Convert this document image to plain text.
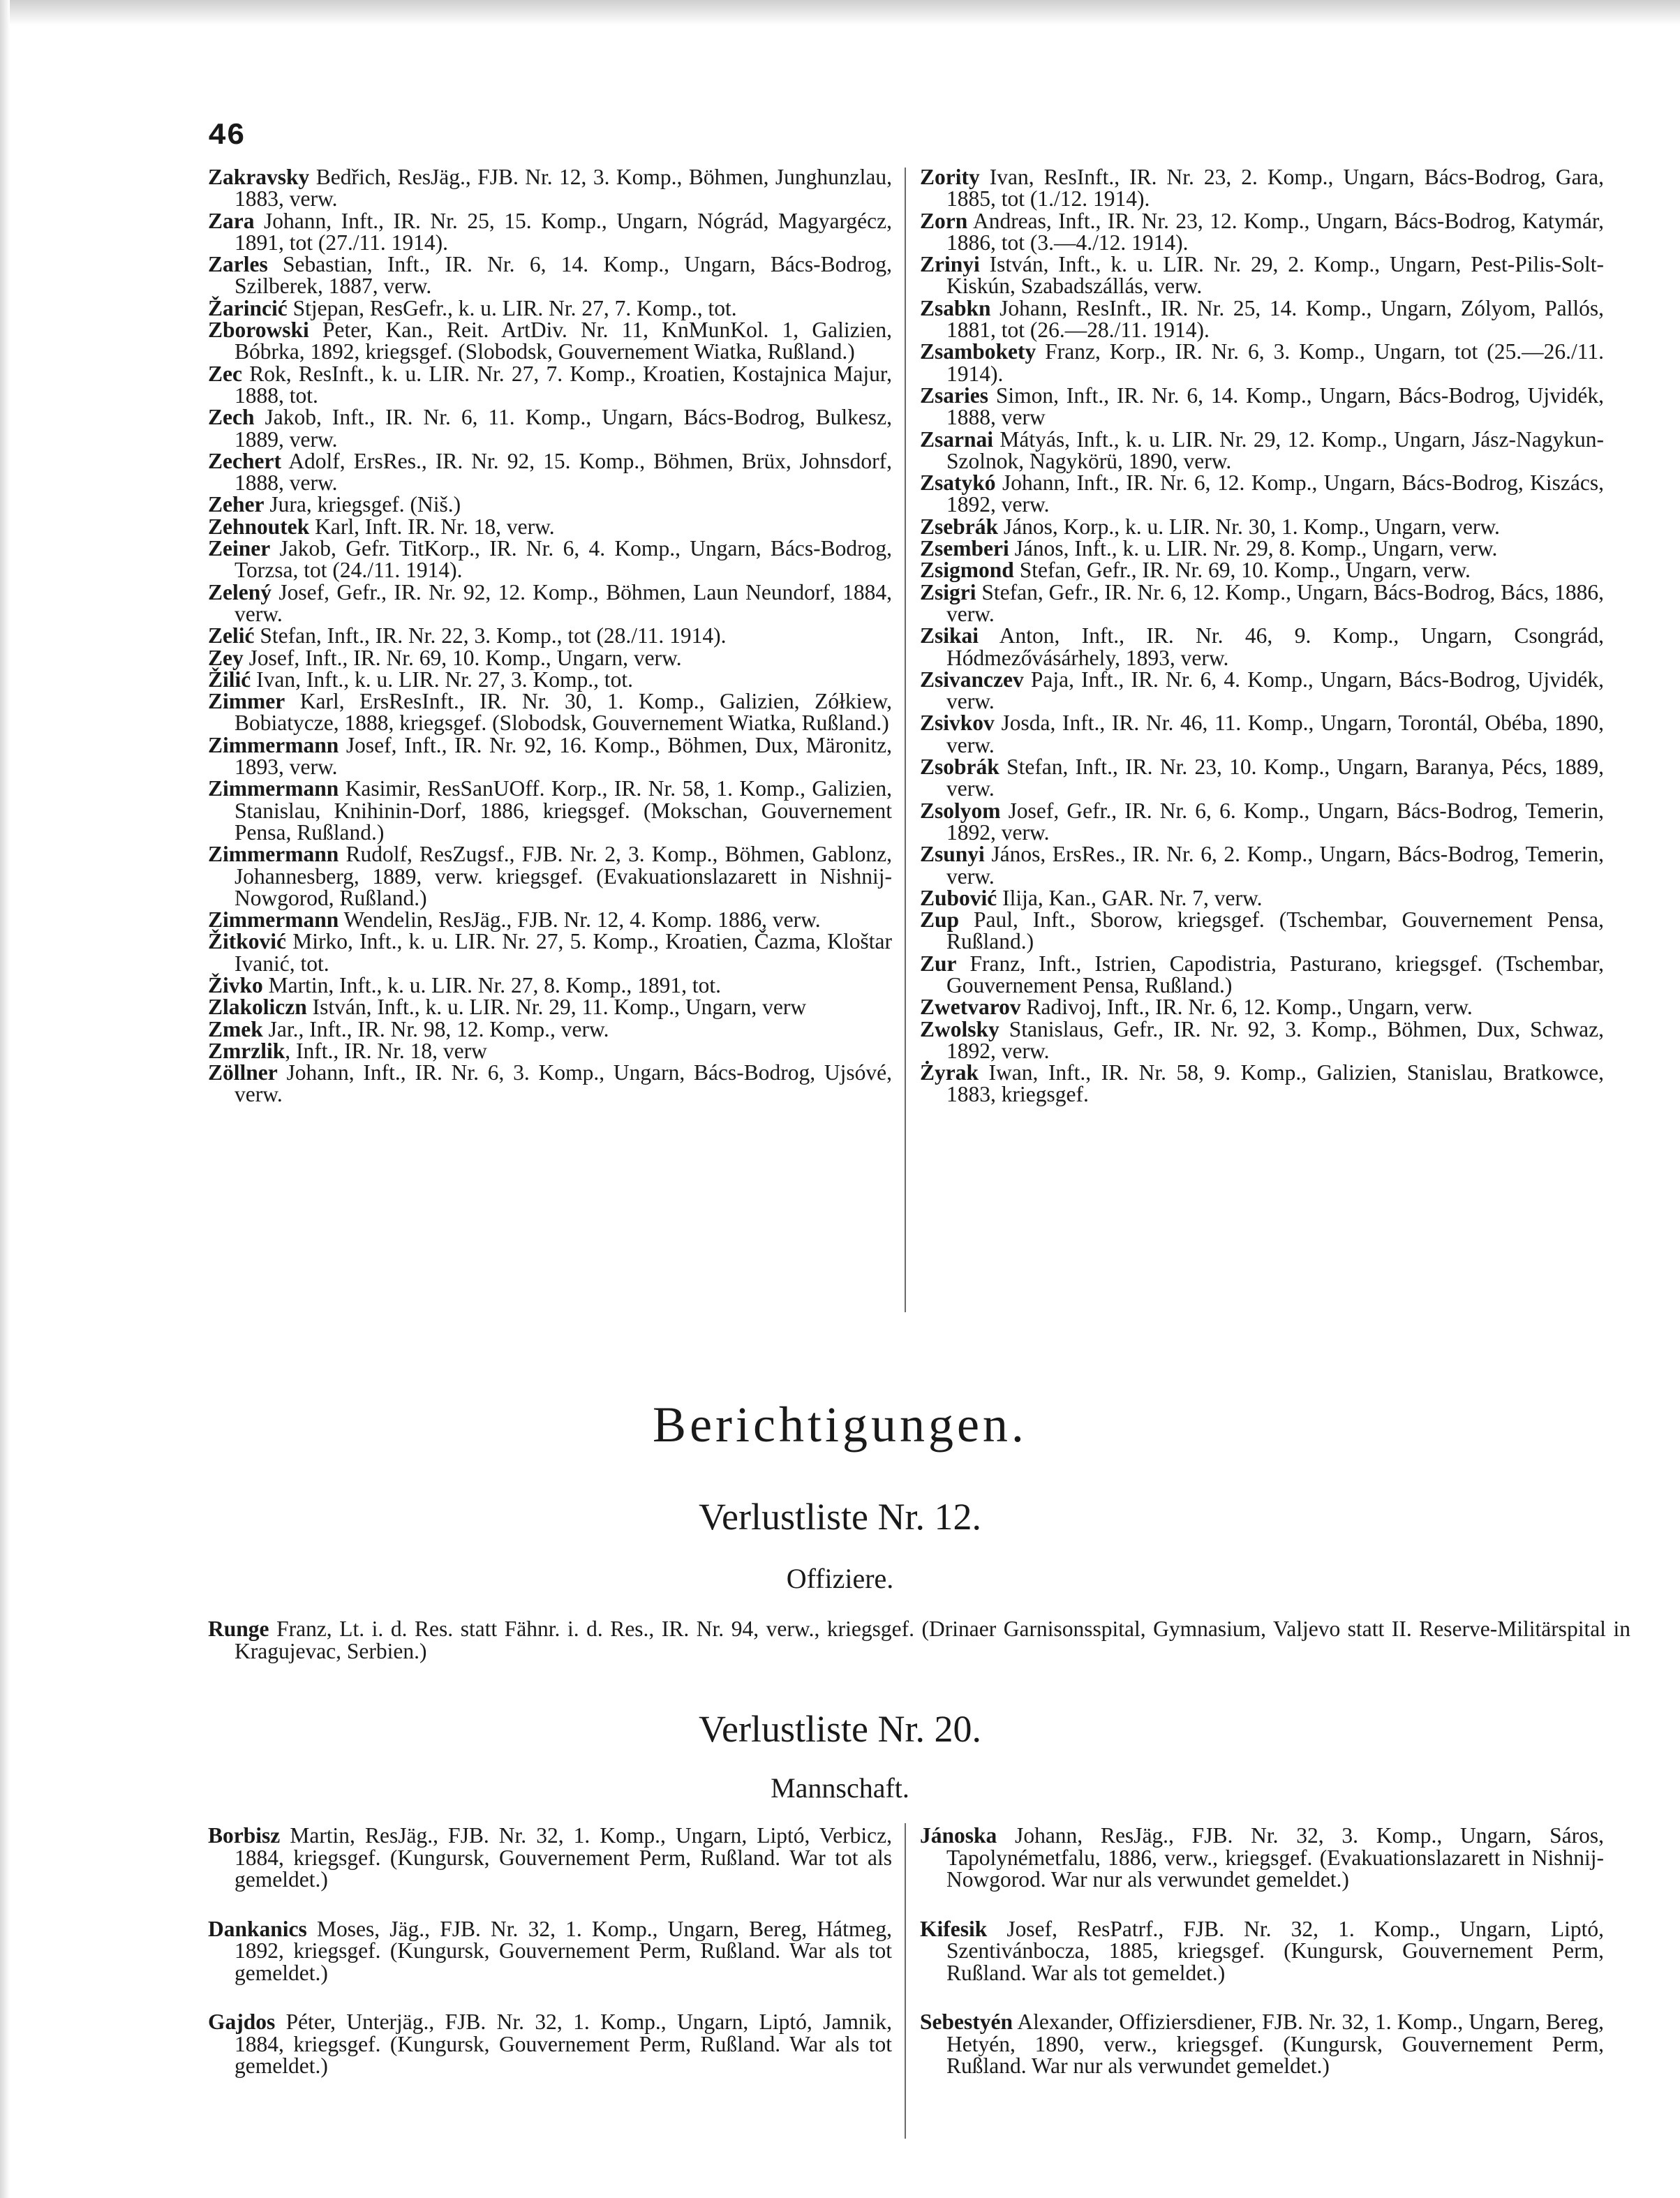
46
Zakravsky Bedřich, ResJäg., FJB. Nr. 12, 3. Komp., Böhmen, Junghunzlau, 1883, verw.
Zara Johann, Inft., IR. Nr. 25, 15. Komp., Ungarn, Nógrád, Magyargécz, 1891, tot (27./11. 1914).
Zarles Sebastian, Inft., IR. Nr. 6, 14. Komp., Ungarn, Bács-Bodrog, Szilberek, 1887, verw.
Žarincić Stjepan, ResGefr., k. u. LIR. Nr. 27, 7. Komp., tot.
Zborowski Peter, Kan., Reit. ArtDiv. Nr. 11, KnMunKol. 1, Galizien, Bóbrka, 1892, kriegsgef. (Slobodsk, Gouvernement Wiatka, Rußland.)
Zec Rok, ResInft., k. u. LIR. Nr. 27, 7. Komp., Kroatien, Kostajnica Majur, 1888, tot.
Zech Jakob, Inft., IR. Nr. 6, 11. Komp., Ungarn, Bács-Bodrog, Bulkesz, 1889, verw.
Zechert Adolf, ErsRes., IR. Nr. 92, 15. Komp., Böhmen, Brüx, Johnsdorf, 1888, verw.
Zeher Jura, kriegsgef. (Niš.)
Zehnoutek Karl, Inft. IR. Nr. 18, verw.
Zeiner Jakob, Gefr. TitKorp., IR. Nr. 6, 4. Komp., Ungarn, Bács-Bodrog, Torzsa, tot (24./11. 1914).
Zelený Josef, Gefr., IR. Nr. 92, 12. Komp., Böhmen, Laun Neundorf, 1884, verw.
Zelić Stefan, Inft., IR. Nr. 22, 3. Komp., tot (28./11. 1914).
Zey Josef, Inft., IR. Nr. 69, 10. Komp., Ungarn, verw.
Žilić Ivan, Inft., k. u. LIR. Nr. 27, 3. Komp., tot.
Zimmer Karl, ErsResInft., IR. Nr. 30, 1. Komp., Galizien, Zółkiew, Bobiatycze, 1888, kriegsgef. (Slobodsk, Gouvernement Wiatka, Rußland.)
Zimmermann Josef, Inft., IR. Nr. 92, 16. Komp., Böhmen, Dux, Märonitz, 1893, verw.
Zimmermann Kasimir, ResSanUOff. Korp., IR. Nr. 58, 1. Komp., Galizien, Stanislau, Knihinin-Dorf, 1886, kriegsgef. (Mokschan, Gouvernement Pensa, Rußland.)
Zimmermann Rudolf, ResZugsf., FJB. Nr. 2, 3. Komp., Böhmen, Gablonz, Johannesberg, 1889, verw. kriegsgef. (Evakuationslazarett in Nishnij-Nowgorod, Rußland.)
Zimmermann Wendelin, ResJäg., FJB. Nr. 12, 4. Komp. 1886, verw.
Žitković Mirko, Inft., k. u. LIR. Nr. 27, 5. Komp., Kroatien, Čazma, Kloštar Ivanić, tot.
Živko Martin, Inft., k. u. LIR. Nr. 27, 8. Komp., 1891, tot.
Zlakoliczn István, Inft., k. u. LIR. Nr. 29, 11. Komp., Ungarn, verw
Zmek Jar., Inft., IR. Nr. 98, 12. Komp., verw.
Zmrzlik, Inft., IR. Nr. 18, verw
Zöllner Johann, Inft., IR. Nr. 6, 3. Komp., Ungarn, Bács-Bodrog, Ujsóvé, verw.
Zority Ivan, ResInft., IR. Nr. 23, 2. Komp., Ungarn, Bács-Bodrog, Gara, 1885, tot (1./12. 1914).
Zorn Andreas, Inft., IR. Nr. 23, 12. Komp., Ungarn, Bács-Bodrog, Katymár, 1886, tot (3.—4./12. 1914).
Zrinyi István, Inft., k. u. LIR. Nr. 29, 2. Komp., Ungarn, Pest-Pilis-Solt-Kiskún, Szabadszállás, verw.
Zsabkn Johann, ResInft., IR. Nr. 25, 14. Komp., Ungarn, Zólyom, Pallós, 1881, tot (26.—28./11. 1914).
Zsambokety Franz, Korp., IR. Nr. 6, 3. Komp., Ungarn, tot (25.—26./11. 1914).
Zsaries Simon, Inft., IR. Nr. 6, 14. Komp., Ungarn, Bács-Bodrog, Ujvidék, 1888, verw
Zsarnai Mátyás, Inft., k. u. LIR. Nr. 29, 12. Komp., Ungarn, Jász-Nagykun-Szolnok, Nagykörü, 1890, verw.
Zsatykó Johann, Inft., IR. Nr. 6, 12. Komp., Ungarn, Bács-Bodrog, Kiszács, 1892, verw.
Zsebrák János, Korp., k. u. LIR. Nr. 30, 1. Komp., Ungarn, verw.
Zsemberi János, Inft., k. u. LIR. Nr. 29, 8. Komp., Ungarn, verw.
Zsigmond Stefan, Gefr., IR. Nr. 69, 10. Komp., Ungarn, verw.
Zsigri Stefan, Gefr., IR. Nr. 6, 12. Komp., Ungarn, Bács-Bodrog, Bács, 1886, verw.
Zsikai Anton, Inft., IR. Nr. 46, 9. Komp., Ungarn, Csongrád, Hódmezővásárhely, 1893, verw.
Zsivanczev Paja, Inft., IR. Nr. 6, 4. Komp., Ungarn, Bács-Bodrog, Ujvidék, verw.
Zsivkov Josda, Inft., IR. Nr. 46, 11. Komp., Ungarn, Torontál, Obéba, 1890, verw.
Zsobrák Stefan, Inft., IR. Nr. 23, 10. Komp., Ungarn, Baranya, Pécs, 1889, verw.
Zsolyom Josef, Gefr., IR. Nr. 6, 6. Komp., Ungarn, Bács-Bodrog, Temerin, 1892, verw.
Zsunyi János, ErsRes., IR. Nr. 6, 2. Komp., Ungarn, Bács-Bodrog, Temerin, verw.
Zubović Ilija, Kan., GAR. Nr. 7, verw.
Zup Paul, Inft., Sborow, kriegsgef. (Tschembar, Gouvernement Pensa, Rußland.)
Zur Franz, Inft., Istrien, Capodistria, Pasturano, kriegsgef. (Tschembar, Gouvernement Pensa, Rußland.)
Zwetvarov Radivoj, Inft., IR. Nr. 6, 12. Komp., Ungarn, verw.
Zwolsky Stanislaus, Gefr., IR. Nr. 92, 3. Komp., Böhmen, Dux, Schwaz, 1892, verw.
Żyrak Iwan, Inft., IR. Nr. 58, 9. Komp., Galizien, Stanislau, Bratkowce, 1883, kriegsgef.
Berichtigungen.
Verlustliste Nr. 12.
Offiziere.
Runge Franz, Lt. i. d. Res. statt Fähnr. i. d. Res., IR. Nr. 94, verw., kriegsgef. (Drinaer Garnisonsspital, Gymnasium, Valjevo statt II. Reserve-Militärspital in Kragujevac, Serbien.)
Verlustliste Nr. 20.
Mannschaft.
Borbisz Martin, ResJäg., FJB. Nr. 32, 1. Komp., Ungarn, Liptó, Verbicz, 1884, kriegsgef. (Kungursk, Gouvernement Perm, Rußland. War tot als gemeldet.)
Dankanics Moses, Jäg., FJB. Nr. 32, 1. Komp., Ungarn, Bereg, Hátmeg, 1892, kriegsgef. (Kungursk, Gouvernement Perm, Rußland. War als tot gemeldet.)
Gajdos Péter, Unterjäg., FJB. Nr. 32, 1. Komp., Ungarn, Liptó, Jamnik, 1884, kriegsgef. (Kungursk, Gouvernement Perm, Rußland. War als tot gemeldet.)
Jánoska Johann, ResJäg., FJB. Nr. 32, 3. Komp., Ungarn, Sáros, Tapolynémetfalu, 1886, verw., kriegsgef. (Evakuationslazarett in Nishnij-Nowgorod. War nur als verwundet gemeldet.)
Kifesik Josef, ResPatrf., FJB. Nr. 32, 1. Komp., Ungarn, Liptó, Szentivánbocza, 1885, kriegsgef. (Kungursk, Gouvernement Perm, Rußland. War als tot gemeldet.)
Sebestyén Alexander, Offiziersdiener, FJB. Nr. 32, 1. Komp., Ungarn, Bereg, Hetyén, 1890, verw., kriegsgef. (Kungursk, Gouvernement Perm, Rußland. War nur als verwundet gemeldet.)
